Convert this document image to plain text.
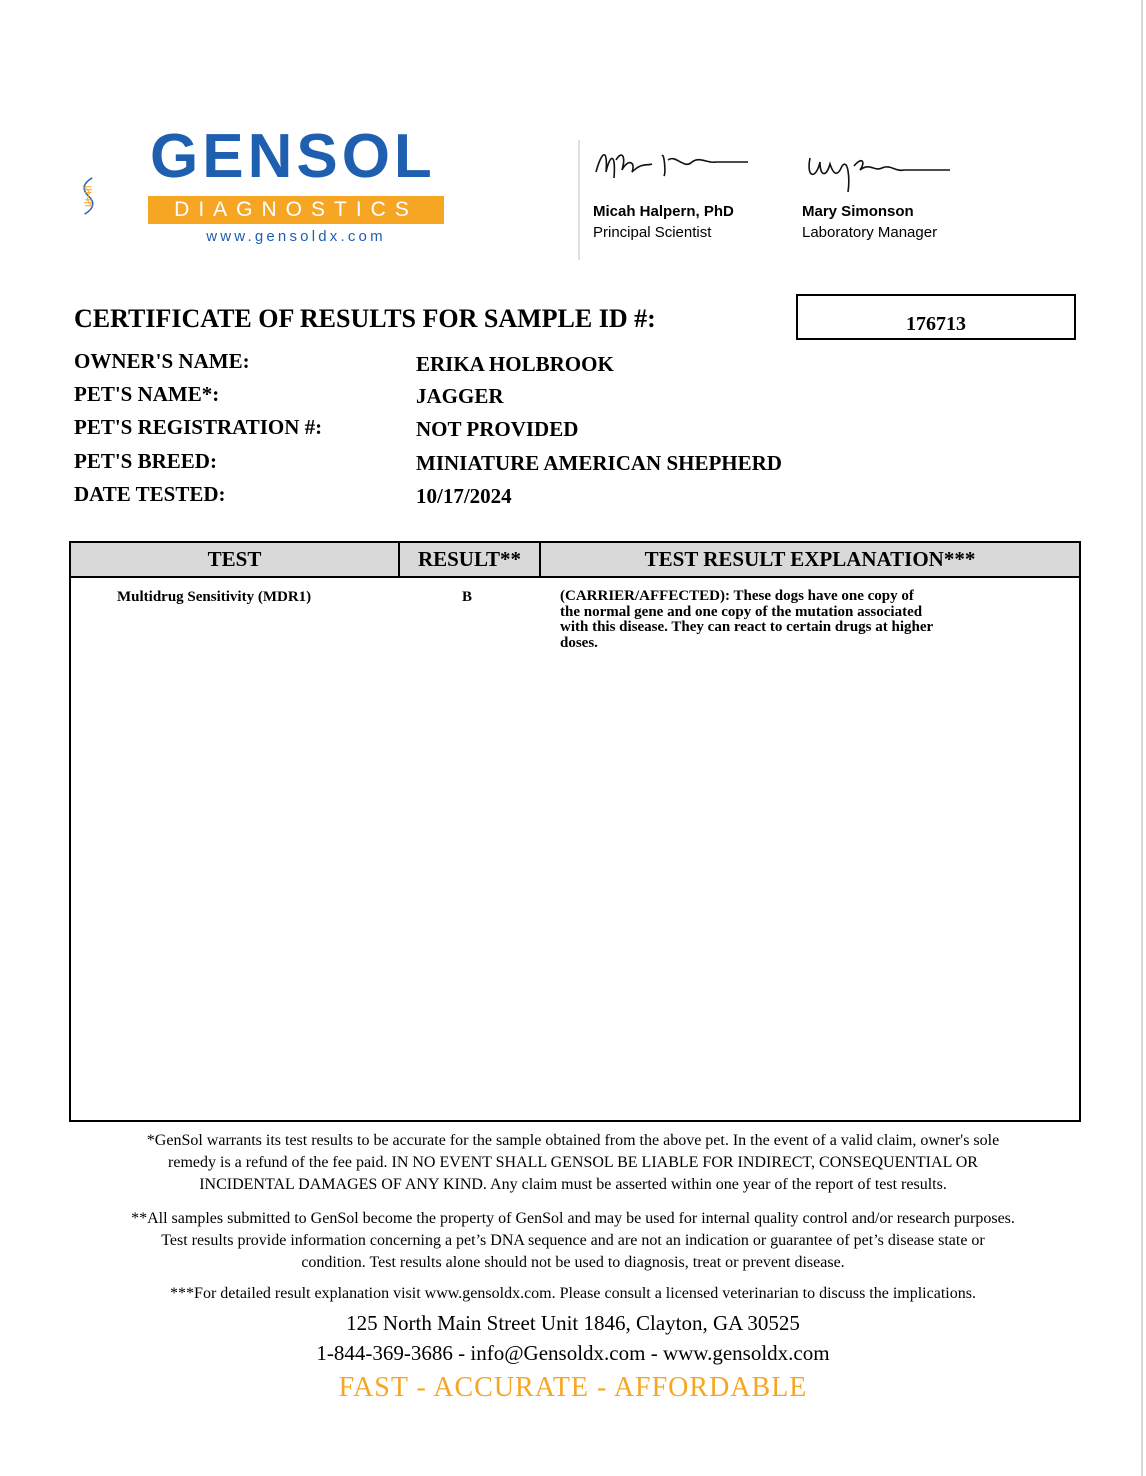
GENSOL
DIAGNOSTICS
www.gensoldx.com
Micah Halpern, PhD
Principal Scientist
Mary Simonson
Laboratory Manager
CERTIFICATE OF RESULTS FOR SAMPLE ID #:	176713
OWNER'S NAME:	ERIKA HOLBROOK
PET'S NAME*:	JAGGER
PET'S REGISTRATION #:	NOT PROVIDED
PET'S BREED:	MINIATURE AMERICAN SHEPHERD
DATE TESTED:	10/17/2024
TEST	RESULT**	TEST RESULT EXPLANATION***
Multidrug Sensitivity (MDR1)	B	(CARRIER/AFFECTED): These dogs have one copy of
the normal gene and one copy of the mutation associated
with this disease. They can react to certain drugs at higher
doses.
*GenSol warrants its test results to be accurate for the sample obtained from the above pet. In the event of a valid claim, owner's sole
remedy is a refund of the fee paid. IN NO EVENT SHALL GENSOL BE LIABLE FOR INDIRECT, CONSEQUENTIAL OR
INCIDENTAL DAMAGES OF ANY KIND. Any claim must be asserted within one year of the report of test results.
**All samples submitted to GenSol become the property of GenSol and may be used for internal quality control and/or research purposes.
Test results provide information concerning a pet’s DNA sequence and are not an indication or guarantee of pet’s disease state or
condition. Test results alone should not be used to diagnosis, treat or prevent disease.
***For detailed result explanation visit www.gensoldx.com. Please consult a licensed veterinarian to discuss the implications.
125 North Main Street Unit 1846, Clayton, GA 30525
1-844-369-3686 - info@Gensoldx.com - www.gensoldx.com
FAST - ACCURATE - AFFORDABLE
